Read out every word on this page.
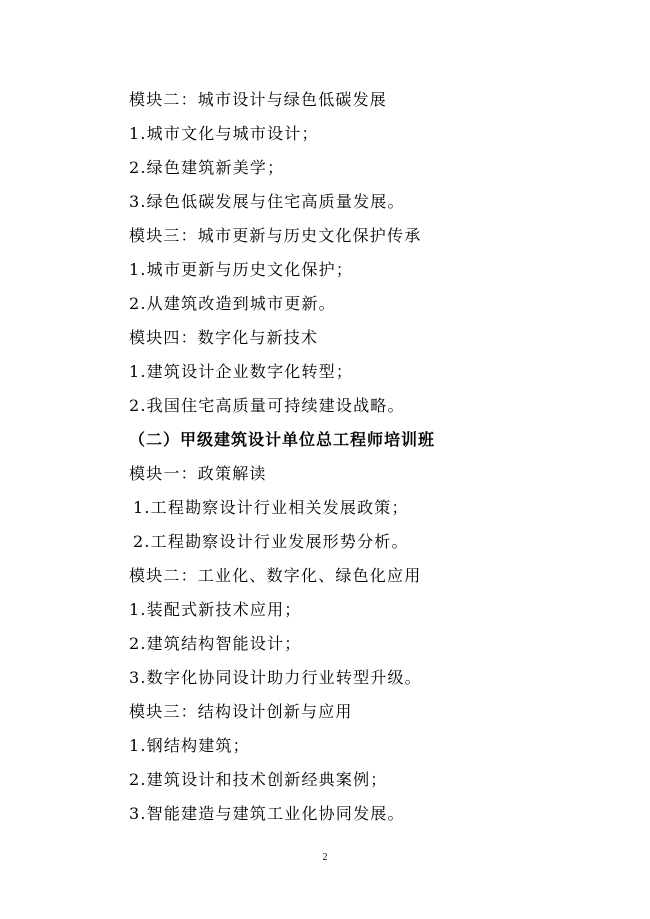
模块二：城市设计与绿色低碳发展
1.城市文化与城市设计；
2.绿色建筑新美学；
3.绿色低碳发展与住宅高质量发展。
模块三：城市更新与历史文化保护传承
1.城市更新与历史文化保护；
2.从建筑改造到城市更新。
模块四：数字化与新技术
1.建筑设计企业数字化转型；
2.我国住宅高质量可持续建设战略。
（二）甲级建筑设计单位总工程师培训班
模块一：政策解读
1.工程勘察设计行业相关发展政策；
2.工程勘察设计行业发展形势分析。
模块二：工业化、数字化、绿色化应用
1.装配式新技术应用；
2.建筑结构智能设计；
3.数字化协同设计助力行业转型升级。
模块三：结构设计创新与应用
1.钢结构建筑；
2.建筑设计和技术创新经典案例；
3.智能建造与建筑工业化协同发展。
2
